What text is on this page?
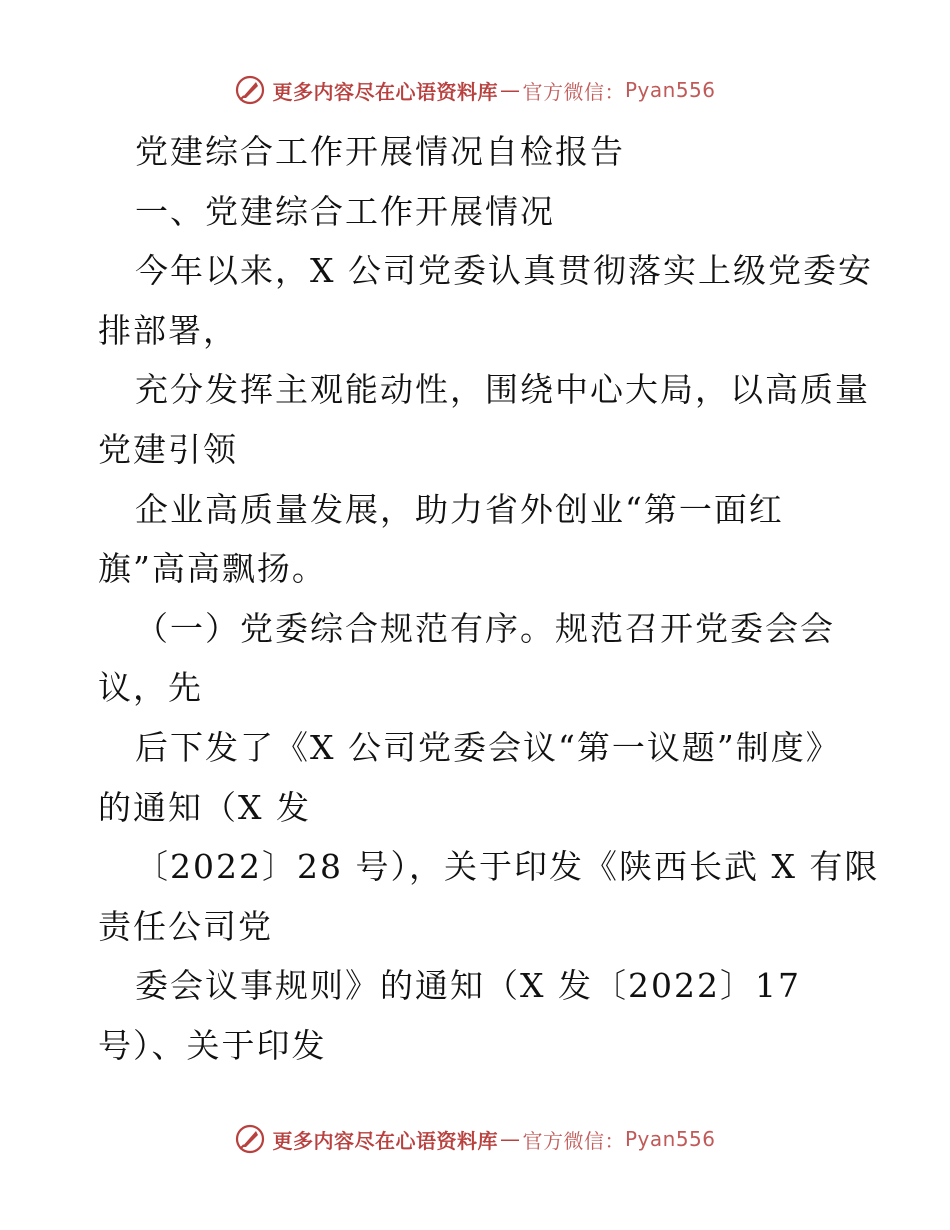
更多内容尽在心语资料库 — 官方微信： Pyan556
党建综合工作开展情况自检报告
一、党建综合工作开展情况
今年以来，X 公司党委认真贯彻落实上级党委安
排部署，
充分发挥主观能动性，围绕中心大局，以高质量
党建引领
企业高质量发展，助力省外创业“第一面红
旗”高高飘扬。
（一）党委综合规范有序。规范召开党委会会
议，先
后下发了《X 公司党委会议“第一议题”制度》
的通知（X 发
〔2022〕28 号），关于印发《陕西长武 X 有限
责任公司党
委会议事规则》的通知（X 发〔2022〕17
号）、关于印发
更多内容尽在心语资料库 — 官方微信： Pyan556
